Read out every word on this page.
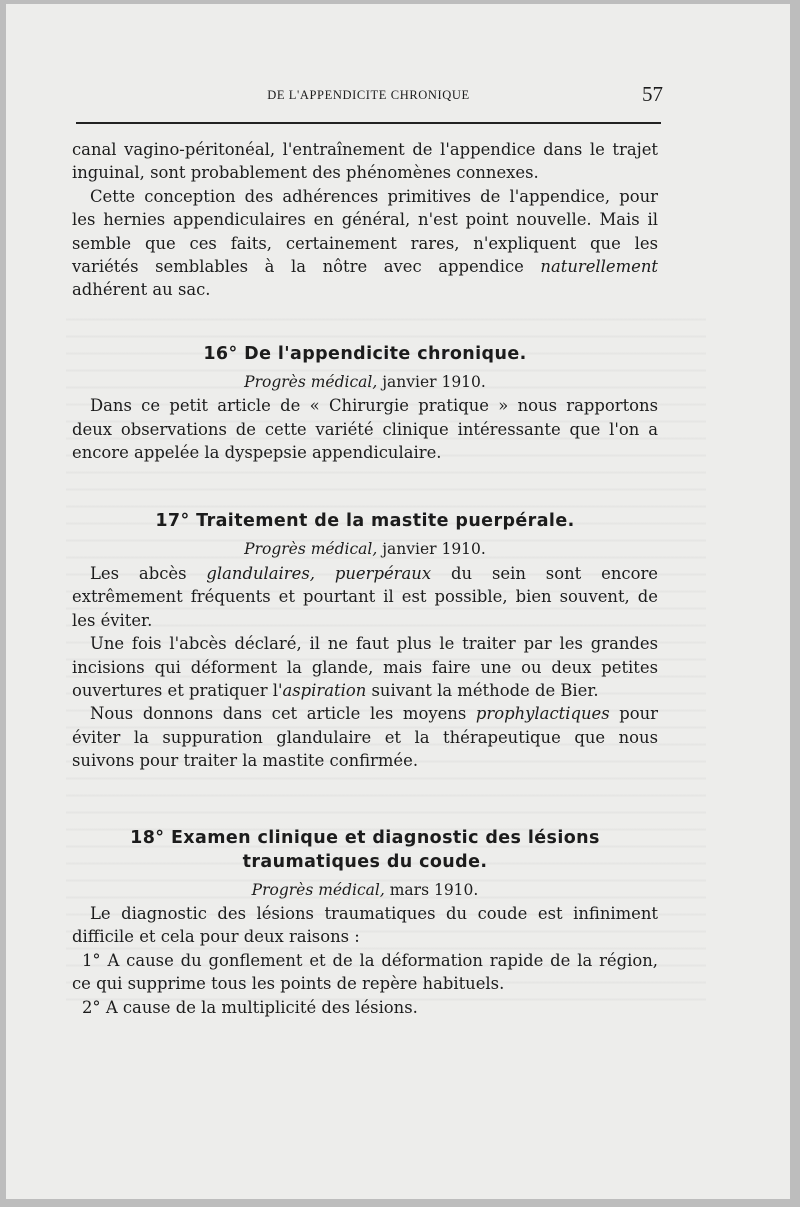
DE L'APPENDICITE CHRONIQUE	57

canal vagino-péritonéal, l'entraînement de l'appendice dans le trajet inguinal, sont probablement des phénomènes connexes.

Cette conception des adhérences primitives de l'appendice, pour les hernies appendiculaires en général, n'est point nouvelle. Mais il semble que ces faits, certainement rares, n'expliquent que les variétés semblables à la nôtre avec appendice naturellement adhérent au sac.

16° De l'appendicite chronique.
Progrès médical, janvier 1910.

Dans ce petit article de « Chirurgie pratique » nous rapportons deux observations de cette variété clinique intéressante que l'on a encore appelée la dyspepsie appendiculaire.

17° Traitement de la mastite puerpérale.
Progrès médical, janvier 1910.

Les abcès glandulaires, puerpéraux du sein sont encore extrêmement fréquents et pourtant il est possible, bien souvent, de les éviter.

Une fois l'abcès déclaré, il ne faut plus le traiter par les grandes incisions qui déforment la glande, mais faire une ou deux petites ouvertures et pratiquer l'aspiration suivant la méthode de Bier.

Nous donnons dans cet article les moyens prophylactiques pour éviter la suppuration glandulaire et la thérapeutique que nous suivons pour traiter la mastite confirmée.

18° Examen clinique et diagnostic des lésions
traumatiques du coude.
Progrès médical, mars 1910.

Le diagnostic des lésions traumatiques du coude est infiniment difficile et cela pour deux raisons :

1° A cause du gonflement et de la déformation rapide de la région, ce qui supprime tous les points de repère habituels.

2° A cause de la multiplicité des lésions.
